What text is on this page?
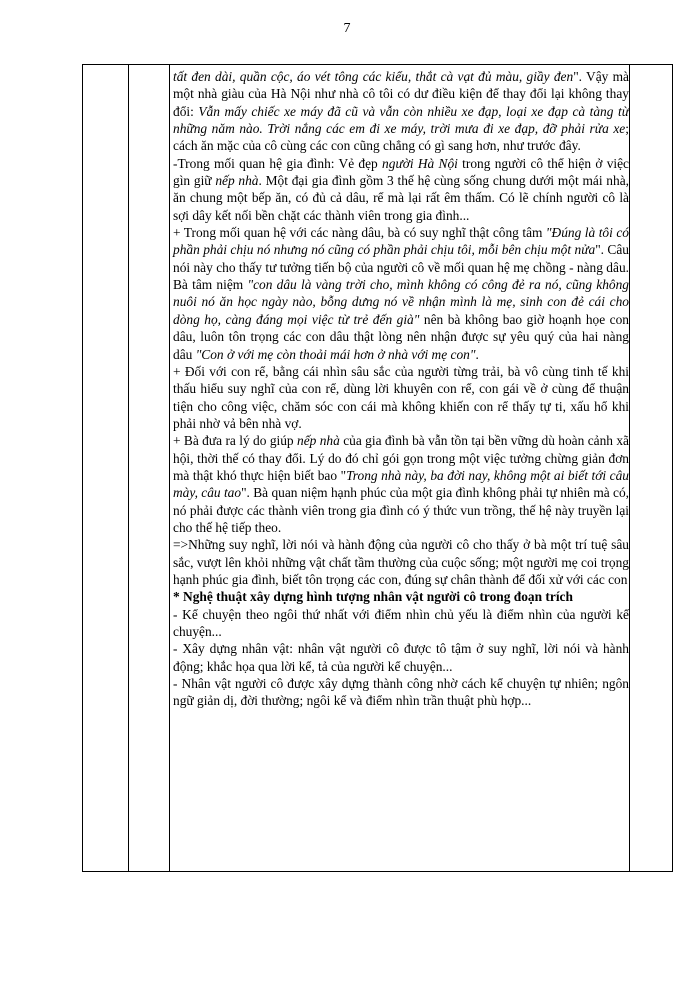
7

tất đen dài, quần cộc, áo vét tông các kiểu, thắt cà vạt đủ màu, giầy đen". Vậy mà một nhà giàu của Hà Nội như nhà cô tôi có dư điều kiện để thay đổi lại không thay đổi: Vẫn mấy chiếc xe máy đã cũ và vẫn còn nhiều xe đạp, loại xe đạp cà tàng từ những năm nào. Trời nắng các em đi xe máy, trời mưa đi xe đạp, đỡ phải rửa xe; cách ăn mặc của cô cùng các con cũng chẳng có gì sang hơn, như trước đây.

-Trong mối quan hệ gia đình: Vẻ đẹp người Hà Nội trong người cô thể hiện ở việc gìn giữ nếp nhà. Một đại gia đình gồm 3 thế hệ cùng sống chung dưới một mái nhà, ăn chung một bếp ăn, có đủ cả dâu, rể mà lại rất êm thấm. Có lẽ chính người cô là sợi dây kết nối bền chặt các thành viên trong gia đình...

+ Trong mối quan hệ với các nàng dâu, bà có suy nghĩ thật công tâm "Đúng là tôi có phần phải chịu nó nhưng nó cũng có phần phải chịu tôi, mỗi bên chịu một nửa". Câu nói này cho thấy tư tưởng tiến bộ của người cô về mối quan hệ mẹ chồng - nàng dâu. Bà tâm niệm "con dâu là vàng trời cho, mình không có công đẻ ra nó, cũng không nuôi nó ăn học ngày nào, bỗng dưng nó về nhận mình là mẹ, sinh con đẻ cái cho dòng họ, càng đáng mọi việc từ trẻ đến già" nên bà không bao giờ hoạnh họe con dâu, luôn tôn trọng các con dâu thật lòng nên nhận được sự yêu quý của hai nàng dâu "Con ở với mẹ còn thoải mái hơn ở nhà với mẹ con".

+ Đối với con rể, bằng cái nhìn sâu sắc của người từng trải, bà vô cùng tinh tế khi thấu hiểu suy nghĩ của con rể, dùng lời khuyên con rể, con gái về ở cùng để thuận tiện cho công việc, chăm sóc con cái mà không khiến con rể thấy tự ti, xấu hổ khi phải nhờ vả bên nhà vợ.

+ Bà đưa ra lý do giúp nếp nhà của gia đình bà vẫn tồn tại bền vững dù hoàn cảnh xã hội, thời thế có thay đổi. Lý do đó chỉ gói gọn trong một việc tưởng chừng giản đơn mà thật khó thực hiện biết bao "Trong nhà này, ba đời nay, không một ai biết tới câu mày, câu tao". Bà quan niệm hạnh phúc của một gia đình không phải tự nhiên mà có, nó phải được các thành viên trong gia đình có ý thức vun trồng, thế hệ này truyền lại cho thế hệ tiếp theo.

=>Những suy nghĩ, lời nói và hành động của người cô cho thấy ở bà một trí tuệ sâu sắc, vượt lên khỏi những vật chất tầm thường của cuộc sống; một người mẹ coi trọng hạnh phúc gia đình, biết tôn trọng các con, đúng sự chân thành để đối xử với các con

* Nghệ thuật xây dựng hình tượng nhân vật người cô trong đoạn trích

- Kể chuyện theo ngôi thứ nhất với điểm nhìn chủ yếu là điểm nhìn của người kể chuyện...

- Xây dựng nhân vật: nhân vật người cô được tô tậm ở suy nghĩ, lời nói và hành động; khắc họa qua lời kể, tả của người kể chuyện...

- Nhân vật người cô được xây dựng thành công nhờ cách kể chuyện tự nhiên; ngôn ngữ giản dị, đời thường; ngôi kể và điểm nhìn trần thuật phù hợp...
